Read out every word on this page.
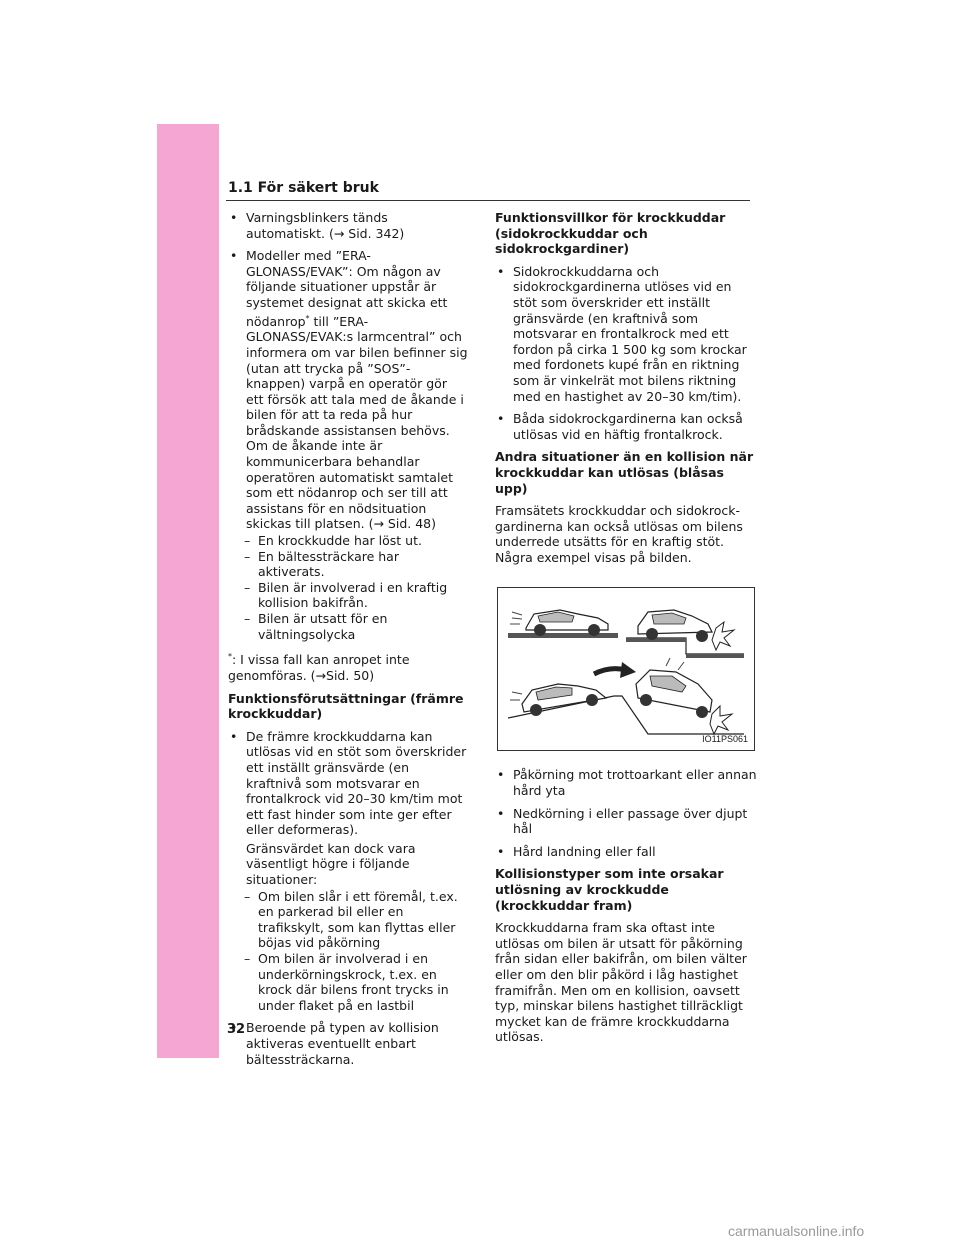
1.1 För säkert bruk

• Varningsblinkers tänds automatiskt. (→ Sid. 342)

• Modeller med ”ERA-GLONASS/EVAK”: Om någon av följande situationer uppstår är systemet designat att skicka ett nödanrop* till ”ERA-GLONASS/EVAK:s larmcentral” och informera om var bilen befinner sig (utan att trycka på ”SOS”-knappen) varpå en operatör gör ett försök att tala med de åkande i bilen för att ta reda på hur brådskande assistansen behövs. Om de åkande inte är kommunicerbara behandlar operatören automatiskt samtalet som ett nödanrop och ser till att assistans för en nödsituation skickas till platsen. (→ Sid. 48)

– En krockkudde har löst ut.

– En bältessträckare har aktiverats.

– Bilen är involverad i en kraftig kollision bakifrån.

– Bilen är utsatt för en vältningsolycka

*: I vissa fall kan anropet inte genomföras. (→Sid. 50)

Funktionsförutsättningar (främre krockkuddar)

• De främre krockkuddarna kan utlösas vid en stöt som överskrider ett inställt gränsvärde (en kraftnivå som motsvarar en frontalkrock vid 20–30 km/tim mot ett fast hinder som inte ger efter eller deformeras).

Gränsvärdet kan dock vara väsentligt högre i följande situationer:

– Om bilen slår i ett föremål, t.ex. en parkerad bil eller en trafikskylt, som kan flyttas eller böjas vid påkörning

– Om bilen är involverad i en underkörningskrock, t.ex. en krock där bilens front trycks in under flaket på en lastbil

• Beroende på typen av kollision aktiveras eventuellt enbart bältessträckarna.

Funktionsvillkor för krockkuddar (sidokrockkuddar och sidokrockgardiner)

• Sidokrockkuddarna och sidokrockgardinerna utlöses vid en stöt som överskrider ett inställt gränsvärde (en kraftnivå som motsvarar en frontalkrock med ett fordon på cirka 1 500 kg som krockar med fordonets kupé från en riktning som är vinkelrät mot bilens riktning med en hastighet av 20–30 km/tim).

• Båda sidokrockgardinerna kan också utlösas vid en häftig frontalkrock.

Andra situationer än en kollision när krockkuddar kan utlösas (blåsas upp)

Framsätets krockkuddar och sidokrock-gardinerna kan också utlösas om bilens underrede utsätts för en kraftig stöt. Några exempel visas på bilden.

IO11PS061

• Påkörning mot trottoarkant eller annan hård yta

• Nedkörning i eller passage över djupt hål

• Hård landning eller fall

Kollisionstyper som inte orsakar utlösning av krockkudde (krockkuddar fram)

Krockkuddarna fram ska oftast inte utlösas om bilen är utsatt för påkörning från sidan eller bakifrån, om bilen välter eller om den blir påkörd i låg hastighet framifrån. Men om en kollision, oavsett typ, minskar bilens hastighet tillräckligt mycket kan de främre krockkuddarna utlösas.

32
carmanualsonline.info
